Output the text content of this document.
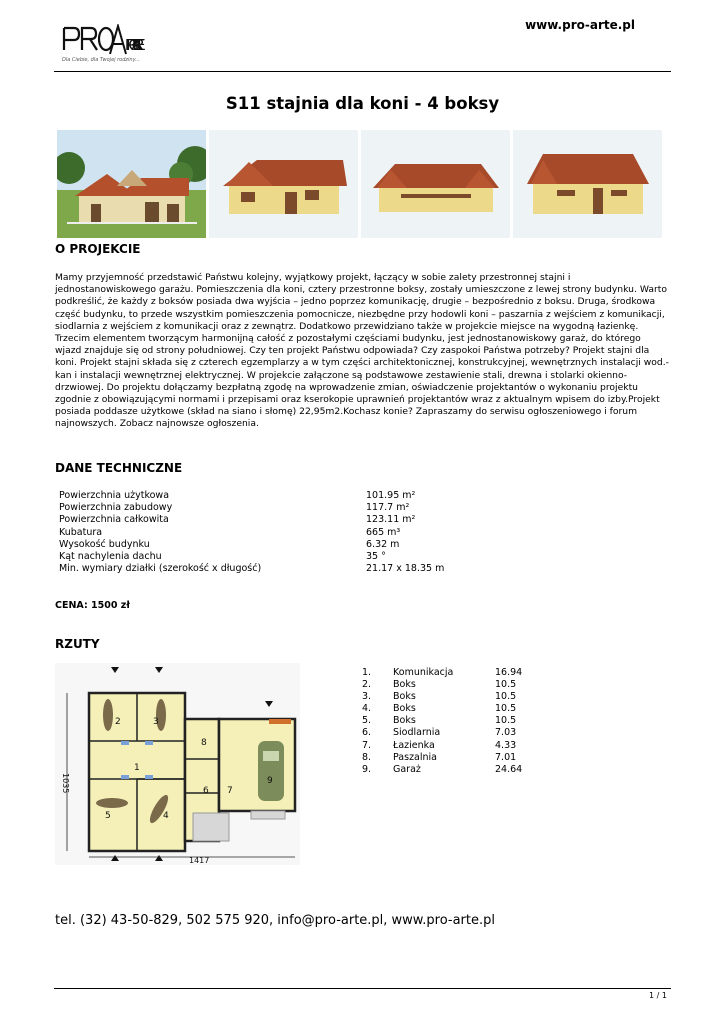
PROARTE
Dla Ciebie, dla Twojej rodziny...
www.pro-arte.pl
S11 stajnia dla koni - 4 boksy
O PROJEKCIE
Mamy przyjemność przedstawić Państwu kolejny, wyjątkowy projekt, łączący w sobie zalety przestronnej stajni i jednostanowiskowego garażu. Pomieszczenia dla koni, cztery przestronne boksy, zostały umieszczone z lewej strony budynku. Warto podkreślić, że każdy z boksów posiada dwa wyjścia – jedno poprzez komunikację, drugie – bezpośrednio z boksu. Druga, środkowa część budynku, to przede wszystkim pomieszczenia pomocnicze, niezbędne przy hodowli koni – paszarnia z wejściem z komunikacji, siodlarnia z wejściem z komunikacji oraz z zewnątrz. Dodatkowo przewidziano także w projekcie miejsce na wygodną łazienkę. Trzecim elementem tworzącym harmonijną całość z pozostałymi częściami budynku, jest jednostanowiskowy garaż, do którego wjazd znajduje się od strony południowej. Czy ten projekt Państwu odpowiada? Czy zaspokoi Państwa potrzeby? Projekt stajni dla koni. Projekt stajni składa się z czterech egzemplarzy a w tym części architektonicznej, konstrukcyjnej, wewnętrznych instalacji wod.-kan i instalacji wewnętrznej elektrycznej. W projekcie załączone są podstawowe zestawienie stali, drewna i stolarki okienno-drzwiowej. Do projektu dołączamy bezpłatną zgodę na wprowadzenie zmian, oświadczenie projektantów o wykonaniu projektu zgodnie z obowiązującymi normami i przepisami oraz kserokopie uprawnień projektantów wraz z aktualnym wpisem do izby.Projekt posiada poddasze użytkowe (skład na siano i słomę) 22,95m2.Kochasz konie? Zapraszamy do serwisu ogłoszeniowego i forum najnowszych. Zobacz najnowsze ogłoszenia.
DANE TECHNICZNE
Powierzchnia użytkowa	101.95 m²
Powierzchnia zabudowy	117.7 m²
Powierzchnia całkowita	123.11 m²
Kubatura	665 m³
Wysokość budynku	6.32 m
Kąt nachylenia dachu	35 °
Min. wymiary działki (szerokość x długość)	21.17 x 18.35 m
CENA: 1500 zł
RZUTY
2	3
1
5	4
6 7
8
9
1417
1035
1. Komunikacja	16.94
2. Boks	10.5
3. Boks	10.5
4. Boks	10.5
5. Boks	10.5
6. Siodlarnia	7.03
7. Łazienka	4.33
8. Paszalnia	7.01
9. Garaż	24.64
tel. (32) 43-50-829, 502 575 920, info@pro-arte.pl, www.pro-arte.pl
1 / 1
